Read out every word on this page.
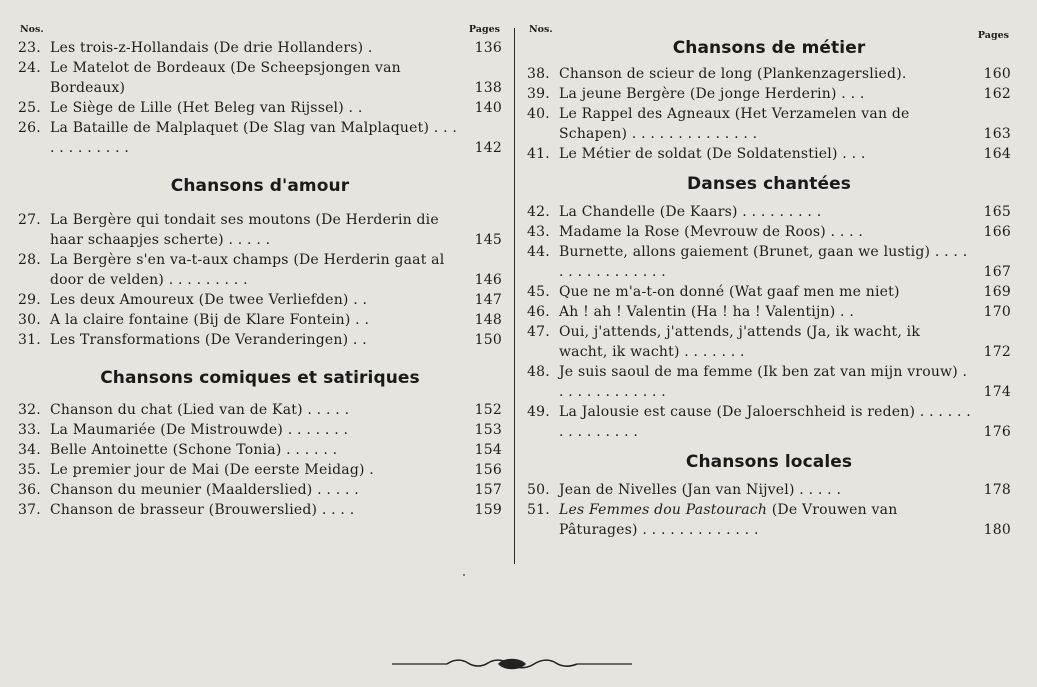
Nos.	Pages
23. Les trois-z-Hollandais (De drie Hollanders) .	136
24. Le Matelot de Bordeaux (De Scheepsjongen van Bordeaux)	138
25. Le Siège de Lille (Het Beleg van Rijssel) . .	140
26. La Bataille de Malplaquet (De Slag van Malplaquet) . . . . . . . . . . . .	142
Chansons d'amour
27. La Bergère qui tondait ses moutons (De Herderin die haar schaapjes scherte) . . . . .	145
28. La Bergère s'en va-t-aux champs (De Herderin gaat al door de velden) . . . . . . . . .	146
29. Les deux Amoureux (De twee Verliefden) . .	147
30. A la claire fontaine (Bij de Klare Fontein) . .	148
31. Les Transformations (De Veranderingen) . .	150
Chansons comiques et satiriques
32. Chanson du chat (Lied van de Kat) . . . . .	152
33. La Maumariée (De Mistrouwde) . . . . . . .	153
34. Belle Antoinette (Schone Tonia) . . . . . .	154
35. Le premier jour de Mai (De eerste Meidag) .	156
36. Chanson du meunier (Maalderslied) . . . . .	157
37. Chanson de brasseur (Brouwerslied) . . . .	159
Nos.
Pages
Chansons de métier
38. Chanson de scieur de long (Plankenzagerslied).	160
39. La jeune Bergère (De jonge Herderin) . . .	162
40. Le Rappel des Agneaux (Het Verzamelen van de Schapen) . . . . . . . . . . . . . .	163
41. Le Métier de soldat (De Soldatenstiel) . . .	164
Danses chantées
42. La Chandelle (De Kaars) . . . . . . . . .	165
43. Madame la Rose (Mevrouw de Roos) . . . .	166
44. Burnette, allons gaiement (Brunet, gaan we lustig) . . . . . . . . . . . . . . . .	167
45. Que ne m'a-t-on donné (Wat gaaf men me niet)	169
46. Ah ! ah ! Valentin (Ha ! ha ! Valentijn) . .	170
47. Oui, j'attends, j'attends, j'attends (Ja, ik wacht, ik wacht, ik wacht) . . . . . . .	172
48. Je suis saoul de ma femme (Ik ben zat van mijn vrouw) . . . . . . . . . . . . .	174
49. La Jalousie est cause (De Jaloerschheid is reden) . . . . . . . . . . . . . . .	176
Chansons locales
50. Jean de Nivelles (Jan van Nijvel) . . . . .	178
51. Les Femmes dou Pastourach (De Vrouwen van Pâturages) . . . . . . . . . . . . .	180
